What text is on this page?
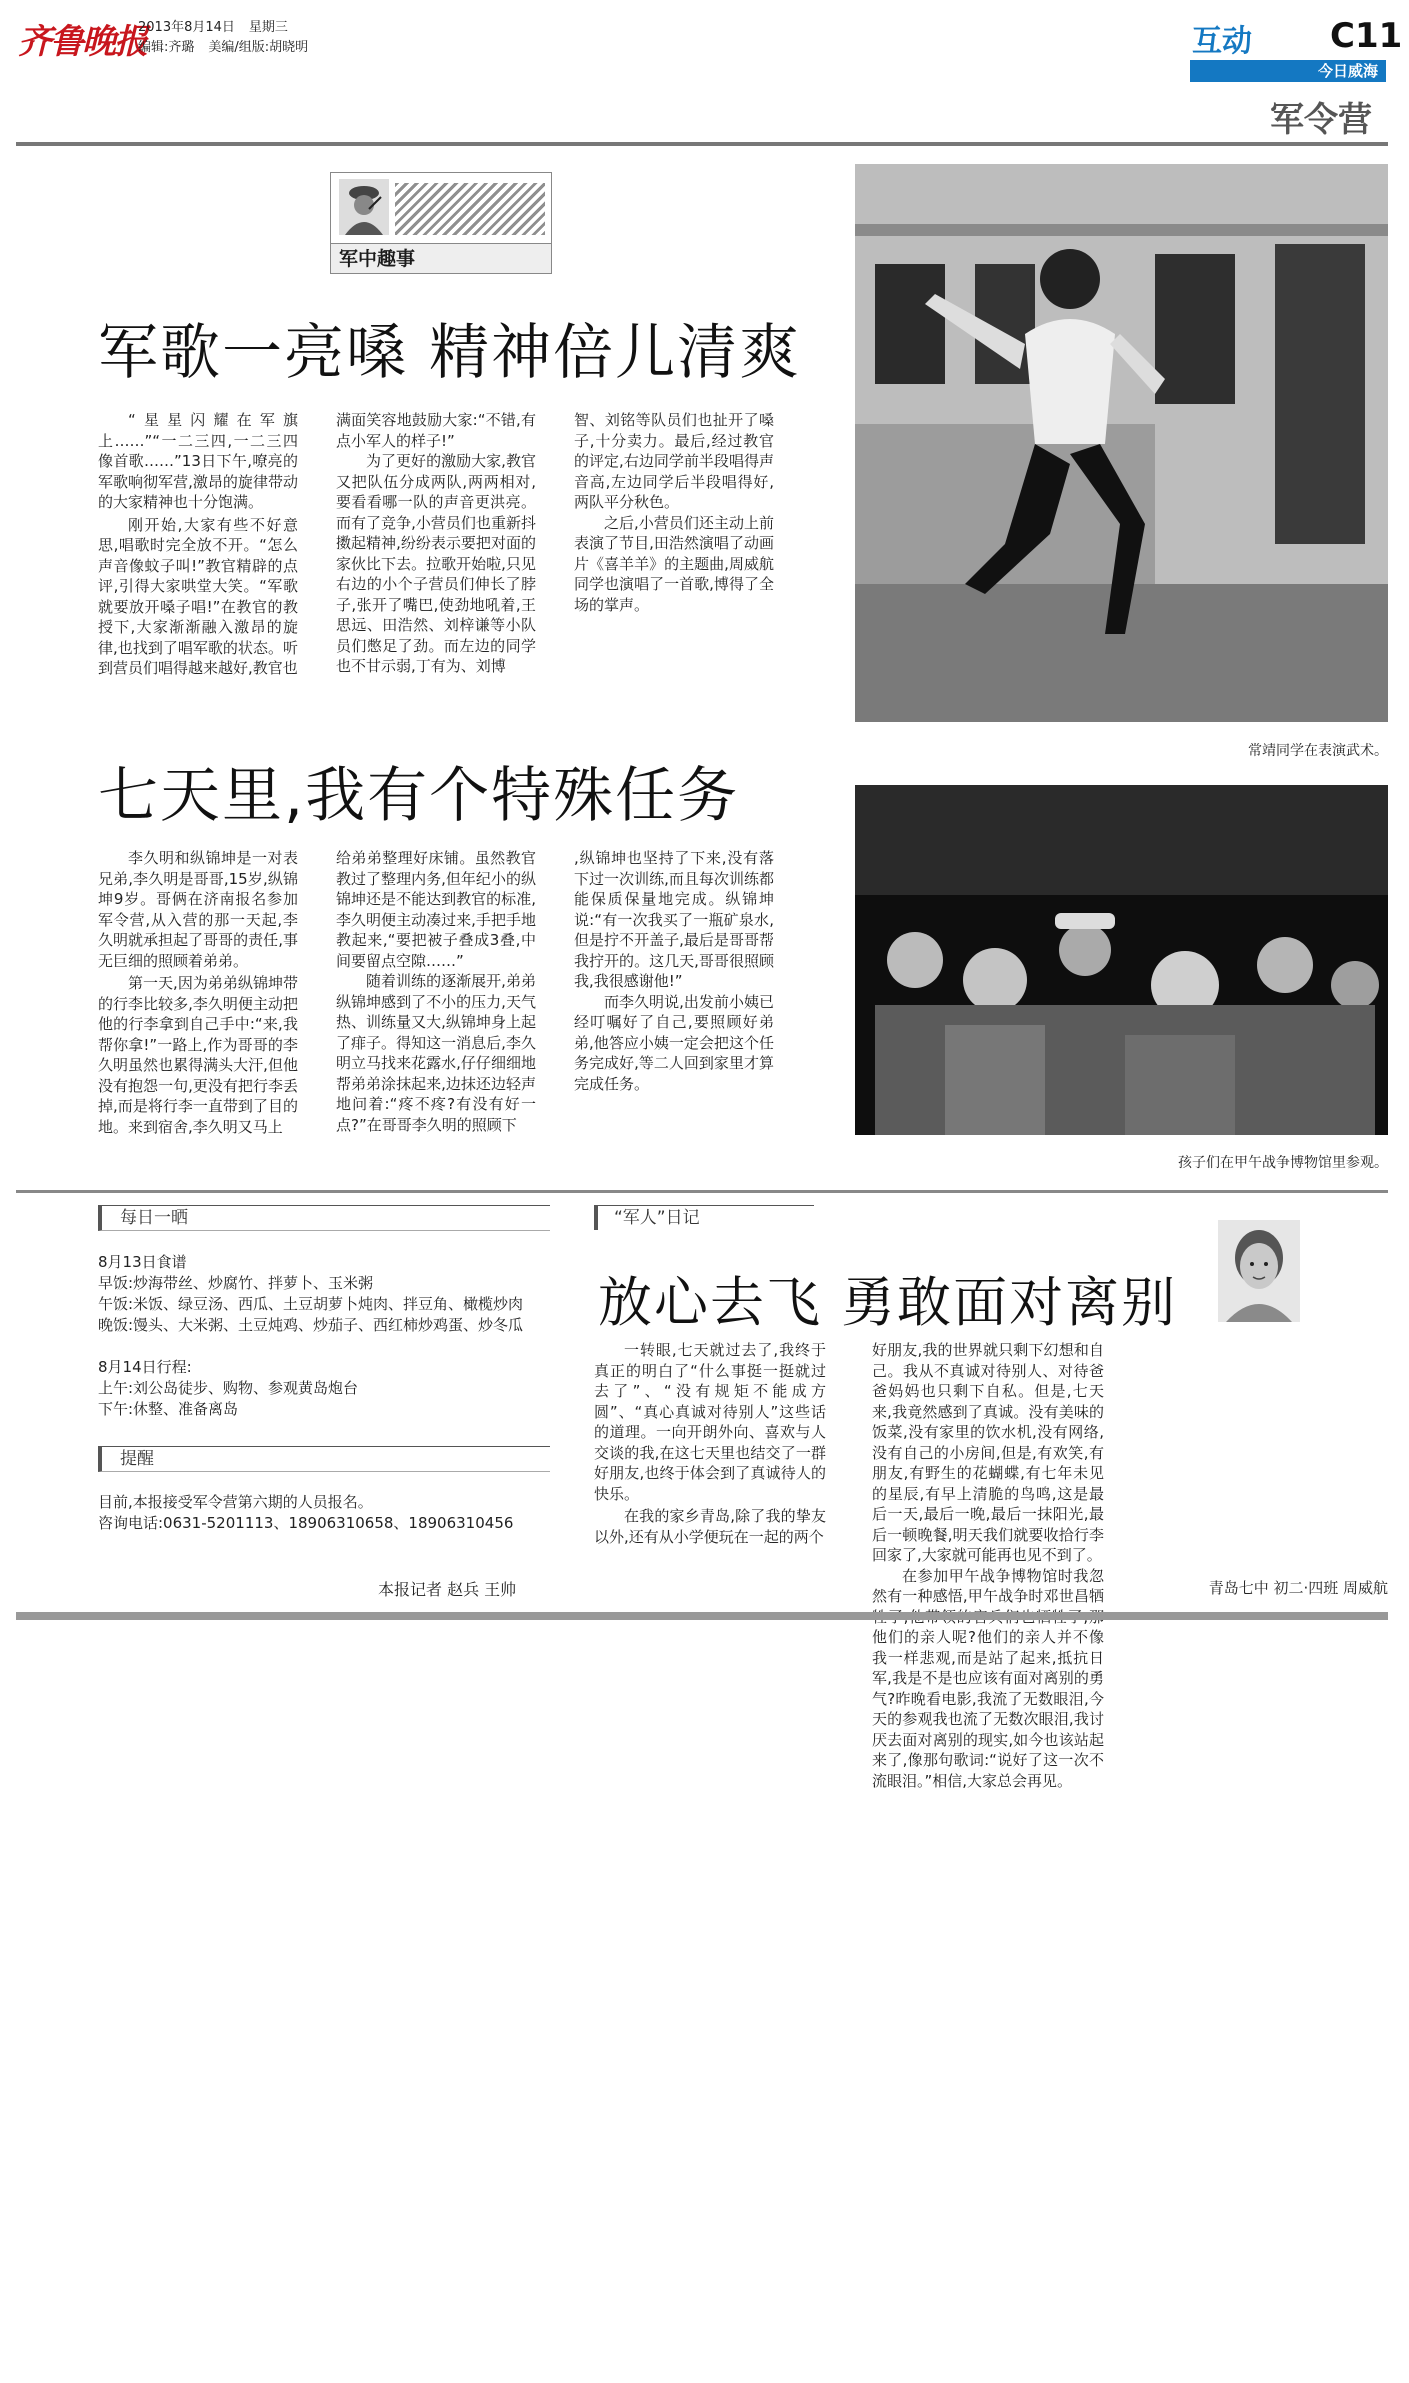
齐鲁晚报
2013年8月14日 星期三
编辑:齐璐 美编/组版:胡晓明	互动 C11
今日威海
军令营
军中趣事
军歌一亮嗓 精神倍儿清爽

“星星闪耀在军旗上……”“一二三四,一二三四像首歌……”13日下午,嘹亮的军歌响彻军营,激昂的旋律带动的大家精神也十分饱满。

刚开始,大家有些不好意思,唱歌时完全放不开。“怎么声音像蚊子叫!”教官精辟的点评,引得大家哄堂大笑。“军歌就要放开嗓子唱!”在教官的教授下,大家渐渐融入激昂的旋律,也找到了唱军歌的状态。听到营员们唱得越来越好,教官也

满面笑容地鼓励大家:“不错,有点小军人的样子!”

为了更好的激励大家,教官又把队伍分成两队,两两相对,要看看哪一队的声音更洪亮。而有了竞争,小营员们也重新抖擞起精神,纷纷表示要把对面的家伙比下去。拉歌开始啦,只见右边的小个子营员们伸长了脖子,张开了嘴巴,使劲地吼着,王思远、田浩然、刘梓谦等小队员们憋足了劲。而左边的同学也不甘示弱,丁有为、刘博

智、刘铭等队员们也扯开了嗓子,十分卖力。最后,经过教官的评定,右边同学前半段唱得声音高,左边同学后半段唱得好,两队平分秋色。

之后,小营员们还主动上前表演了节目,田浩然演唱了动画片《喜羊羊》的主题曲,周威航同学也演唱了一首歌,博得了全场的掌声。

常靖同学在表演武术。
七天里,我有个特殊任务

李久明和纵锦坤是一对表兄弟,李久明是哥哥,15岁,纵锦坤9岁。哥俩在济南报名参加军令营,从入营的那一天起,李久明就承担起了哥哥的责任,事无巨细的照顾着弟弟。

第一天,因为弟弟纵锦坤带的行李比较多,李久明便主动把他的行李拿到自己手中:“来,我帮你拿!”一路上,作为哥哥的李久明虽然也累得满头大汗,但他没有抱怨一句,更没有把行李丢掉,而是将行李一直带到了目的地。来到宿舍,李久明又马上

给弟弟整理好床铺。虽然教官教过了整理内务,但年纪小的纵锦坤还是不能达到教官的标准,李久明便主动凑过来,手把手地教起来,“要把被子叠成3叠,中间要留点空隙……”

随着训练的逐渐展开,弟弟纵锦坤感到了不小的压力,天气热、训练量又大,纵锦坤身上起了痱子。得知这一消息后,李久明立马找来花露水,仔仔细细地帮弟弟涂抹起来,边抹还边轻声地问着:“疼不疼?有没有好一点?”在哥哥李久明的照顾下

,纵锦坤也坚持了下来,没有落下过一次训练,而且每次训练都能保质保量地完成。纵锦坤说:“有一次我买了一瓶矿泉水,但是拧不开盖子,最后是哥哥帮我拧开的。这几天,哥哥很照顾我,我很感谢他!”

而李久明说,出发前小姨已经叮嘱好了自己,要照顾好弟弟,他答应小姨一定会把这个任务完成好,等二人回到家里才算完成任务。

孩子们在甲午战争博物馆里参观。
每日一晒
8月13日食谱
早饭:炒海带丝、炒腐竹、拌萝卜、玉米粥
午饭:米饭、绿豆汤、西瓜、土豆胡萝卜炖肉、拌豆角、橄榄炒肉
晚饭:馒头、大米粥、土豆炖鸡、炒茄子、西红柿炒鸡蛋、炒冬瓜
8月14日行程:
上午:刘公岛徒步、购物、参观黄岛炮台
下午:休整、准备离岛
提醒
目前,本报接受军令营第六期的人员报名。
咨询电话:0631-5201113、18906310658、18906310456
本报记者 赵兵 王帅
“军人”日记
放心去飞 勇敢面对离别

一转眼,七天就过去了,我终于真正的明白了“什么事挺一挺就过去了”、“没有规矩不能成方圆”、“真心真诚对待别人”这些话的道理。一向开朗外向、喜欢与人交谈的我,在这七天里也结交了一群好朋友,也终于体会到了真诚待人的快乐。

在我的家乡青岛,除了我的挚友以外,还有从小学便玩在一起的两个

好朋友,我的世界就只剩下幻想和自己。我从不真诚对待别人、对待爸爸妈妈也只剩下自私。但是,七天来,我竟然感到了真诚。没有美味的饭菜,没有家里的饮水机,没有网络,没有自己的小房间,但是,有欢笑,有朋友,有野生的花蝴蝶,有七年未见的星辰,有早上清脆的鸟鸣,这是最后一天,最后一晚,最后一抹阳光,最后一顿晚餐,明天我们就要收拾行李回家了,大家就可能再也见不到了。

在参加甲午战争博物馆时我忽然有一种感悟,甲午战争时邓世昌牺 他们的亲人呢?他们的亲人并不像我一样悲观,而是站了起来,抵抗日军,我是不是也应该有面对离别的勇气?昨晚看电影,我流了无数眼泪,今天的参观我也流了无数次眼泪,我讨厌去面对离别的现实,如今也该站起来了,像那句歌词:“说好了这一次不流眼泪。”相信,大家总会再见。

青岛七中 初二·四班 周威航
